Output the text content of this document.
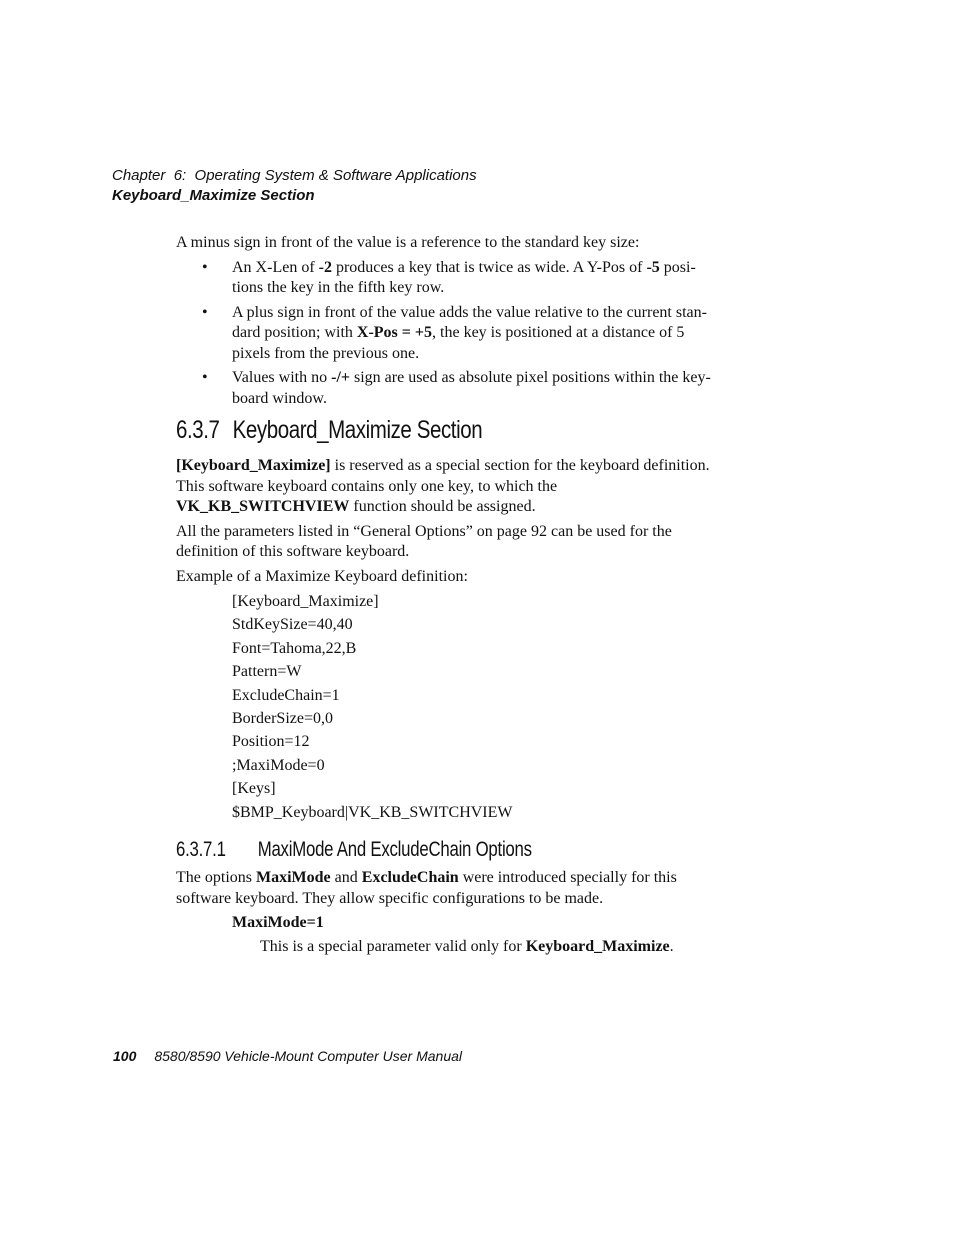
Chapter  6:  Operating System & Software Applications
Keyboard_Maximize Section

A minus sign in front of the value is a reference to the standard key size:

• An X-Len of -2 produces a key that is twice as wide. A Y-Pos of -5 posi-
tions the key in the fifth key row.
• A plus sign in front of the value adds the value relative to the current stan-
dard position; with X-Pos = +5, the key is positioned at a distance of 5
pixels from the previous one.
• Values with no -/+ sign are used as absolute pixel positions within the key-
board window.
6.3.7 Keyboard_Maximize Section

[Keyboard_Maximize] is reserved as a special section for the keyboard definition.
This software keyboard contains only one key, to which the
VK_KB_SWITCHVIEW function should be assigned.

All the parameters listed in “General Options” on page 92 can be used for the
definition of this software keyboard.

Example of a Maximize Keyboard definition:

[Keyboard_Maximize]
StdKeySize=40,40
Font=Tahoma,22,B
Pattern=W
ExcludeChain=1
BorderSize=0,0
Position=12
;MaxiMode=0
[Keys]
$BMP_Keyboard|VK_KB_SWITCHVIEW
6.3.7.1 MaxiMode And ExcludeChain Options

The options MaxiMode and ExcludeChain were introduced specially for this
software keyboard. They allow specific configurations to be made.

MaxiMode=1
This is a special parameter valid only for Keyboard_Maximize.
100 8580/8590 Vehicle-Mount Computer User Manual
